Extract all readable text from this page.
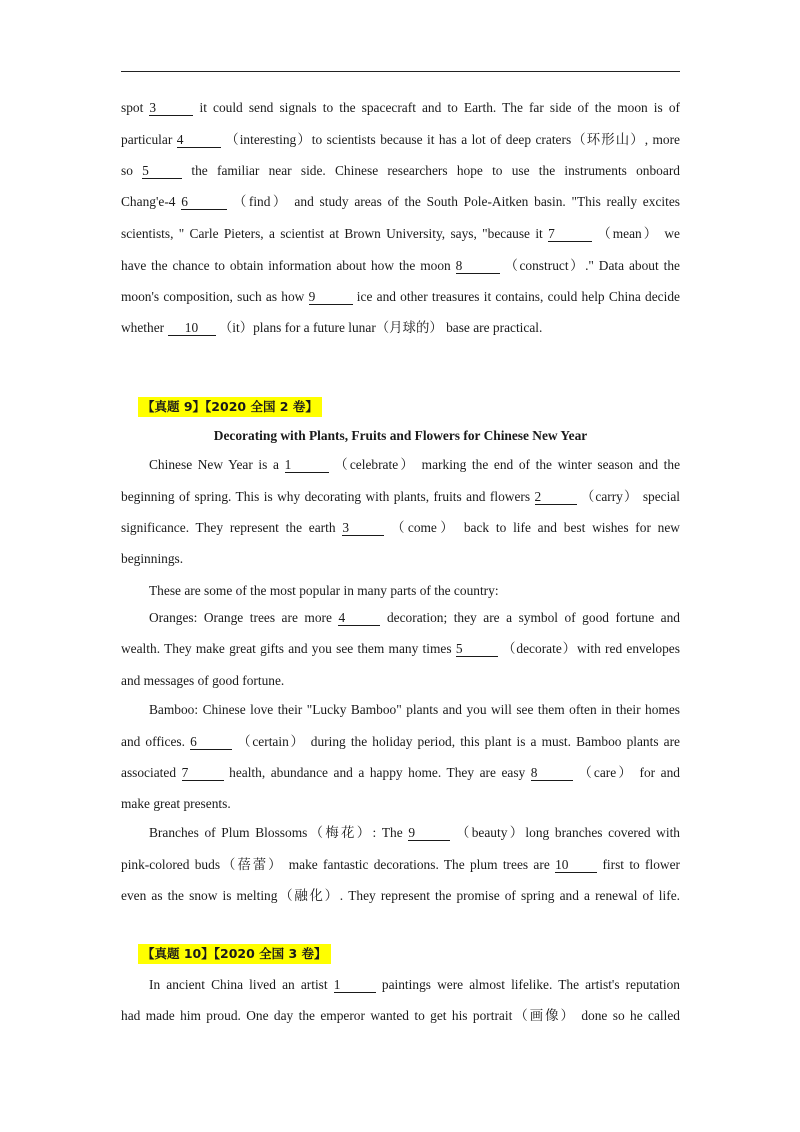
spot 3	it could send signals to the spacecraft and to Earth. The far side of the moon is of
particular 4	（interesting）to scientists because it has a lot of deep craters（环形山）, more
so 5	the familiar near side. Chinese researchers hope to use the instruments onboard
Chang'e-4 6	（find） and study areas of the South Pole-Aitken basin. "This really excites
scientists, " Carle Pieters, a scientist at Brown University, says, "because it 7	（mean） we
have the chance to obtain information about how the moon 8	（construct）." Data about the
moon's composition, such as how 9	ice and other treasures it contains, could help China decide
whether 10 （it）plans for a future lunar（月球的） base are practical.
【真题 9】【2020 全国 2 卷】
Decorating with Plants, Fruits and Flowers for Chinese New Year
Chinese New Year is a 1	（celebrate） marking the end of the winter season and the
beginning of spring. This is why decorating with plants, fruits and flowers 2	（carry） special
significance. They represent the earth 3	（come） back to life and best wishes for new
beginnings.
These are some of the most popular in many parts of the country:
Oranges: Orange trees are more 4	decoration; they are a symbol of good fortune and
wealth. They make great gifts and you see them many times 5	（decorate）with red envelopes
and messages of good fortune.
Bamboo: Chinese love their "Lucky Bamboo" plants and you will see them often in their homes
and offices. 6	（certain） during the holiday period, this plant is a must. Bamboo plants are
associated 7	health, abundance and a happy home. They are easy 8	（care） for and
make great presents.
Branches of Plum Blossoms（梅花）: The 9	（beauty）long branches covered with
pink-colored buds（蓓蕾） make fantastic decorations. The plum trees are 10	first to flower
even as the snow is melting（融化）. They represent the promise of spring and a renewal of life.
【真题 10】【2020 全国 3 卷】
In ancient China lived an artist 1	paintings were almost lifelike. The artist's reputation
had made him proud. One day the emperor wanted to get his portrait（画像） done so he called
